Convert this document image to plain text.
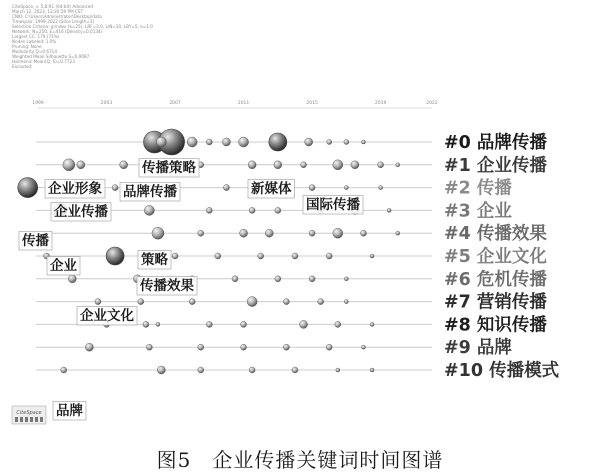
CiteSpace, v. 5.8.R1 (64-bit) Advanced
March 12, 2023, 12:20:59 PM CST
CNKI: C:\Users\Administrator\Desktop\data
Timespan: 1999-2022 (Slice Length=1)
Selection Criteria: g-index (k=25), LRF=3.0, L/N=10, LBY=5, e=1.0
Network: N=250, E=416 (Density=0.0134)
Largest CC: 179 (71%)
Nodes Labeled: 1.0%
Pruning: None
Modularity Q=0.6714
Weighted Mean Silhouette S=0.9087
Harmonic Mean(Q, S)=0.7723
Excluded:
1999	2003	2007	2011	2015	2019	2022
企业形象
企业传播
传播策略
品牌传播	新媒体
国际传播
传播
企业	策略
传播效果
企业文化
品牌
#0 品牌传播
#1 企业传播
#2 传播
#3 企业
#4 传播效果
#5 企业文化
#6 危机传播
#7 营销传播
#8 知识传播
#9 品牌
#10 传播模式
CiteSpace
图5　企业传播关键词时间图谱
